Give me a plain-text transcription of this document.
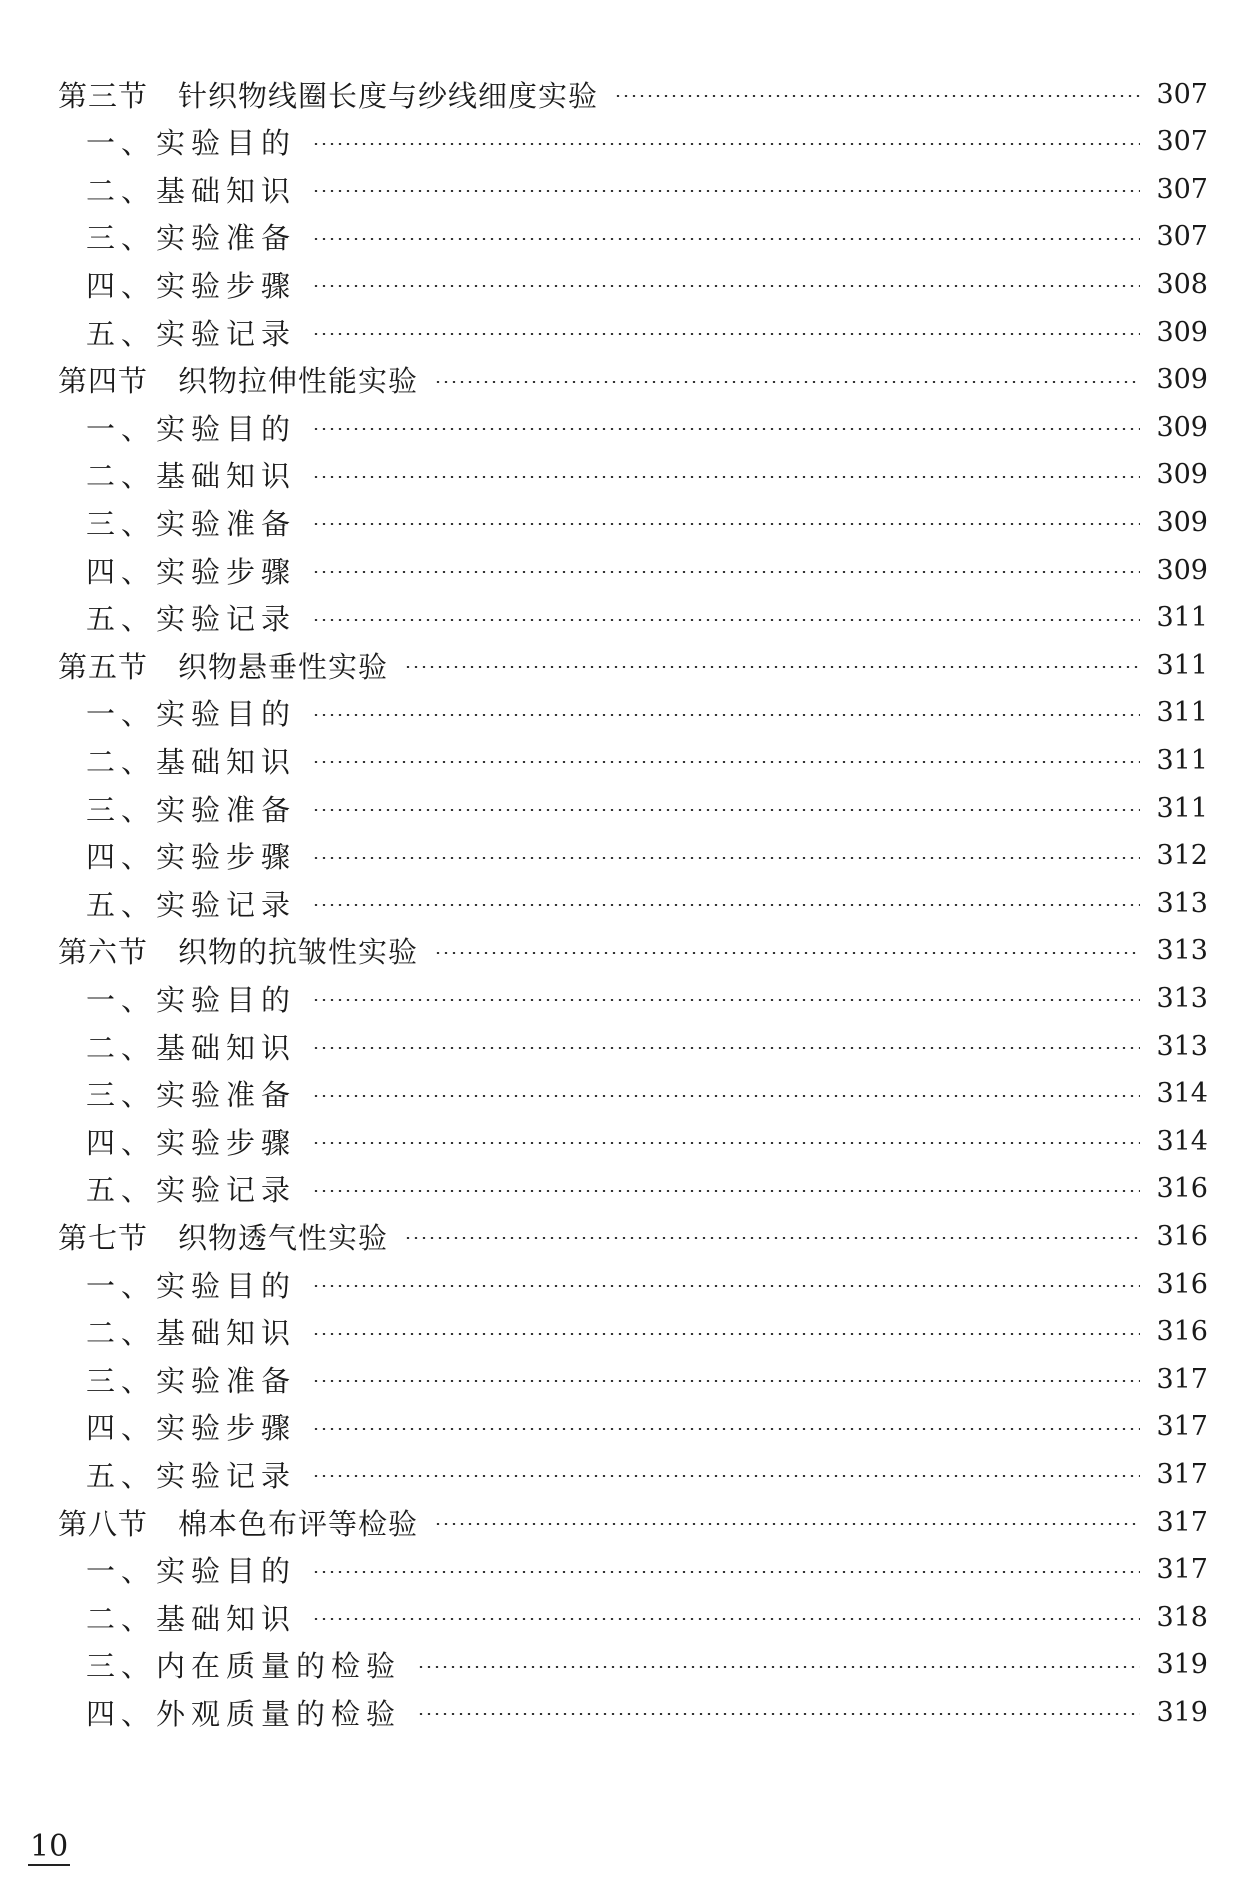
第三节 针织物线圈长度与纱线细度实验	307
一、实验目的	307
二、基础知识	307
三、实验准备	307
四、实验步骤	308
五、实验记录	309
第四节 织物拉伸性能实验	309
一、实验目的	309
二、基础知识	309
三、实验准备	309
四、实验步骤	309
五、实验记录	311
第五节 织物悬垂性实验	311
一、实验目的	311
二、基础知识	311
三、实验准备	311
四、实验步骤	312
五、实验记录	313
第六节 织物的抗皱性实验	313
一、实验目的	313
二、基础知识	313
三、实验准备	314
四、实验步骤	314
五、实验记录	316
第七节 织物透气性实验	316
一、实验目的	316
二、基础知识	316
三、实验准备	317
四、实验步骤	317
五、实验记录	317
第八节 棉本色布评等检验	317
一、实验目的	317
二、基础知识	318
三、内在质量的检验	319
四、外观质量的检验	319
10
